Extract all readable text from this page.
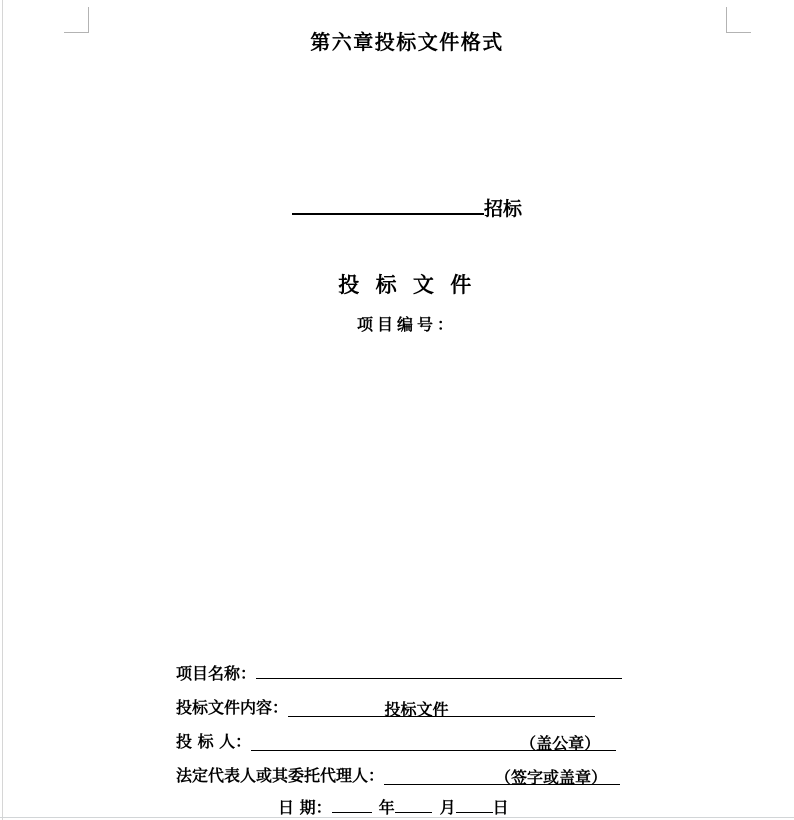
第六章投标文件格式
招标
投 标 文 件
项目编号：
项目名称：
投标文件内容：

	投标文件

投 标 人：

	（盖公章）

法定代表人或其委托代理人：

	（签字或盖章）

日 期：	年	月 日
